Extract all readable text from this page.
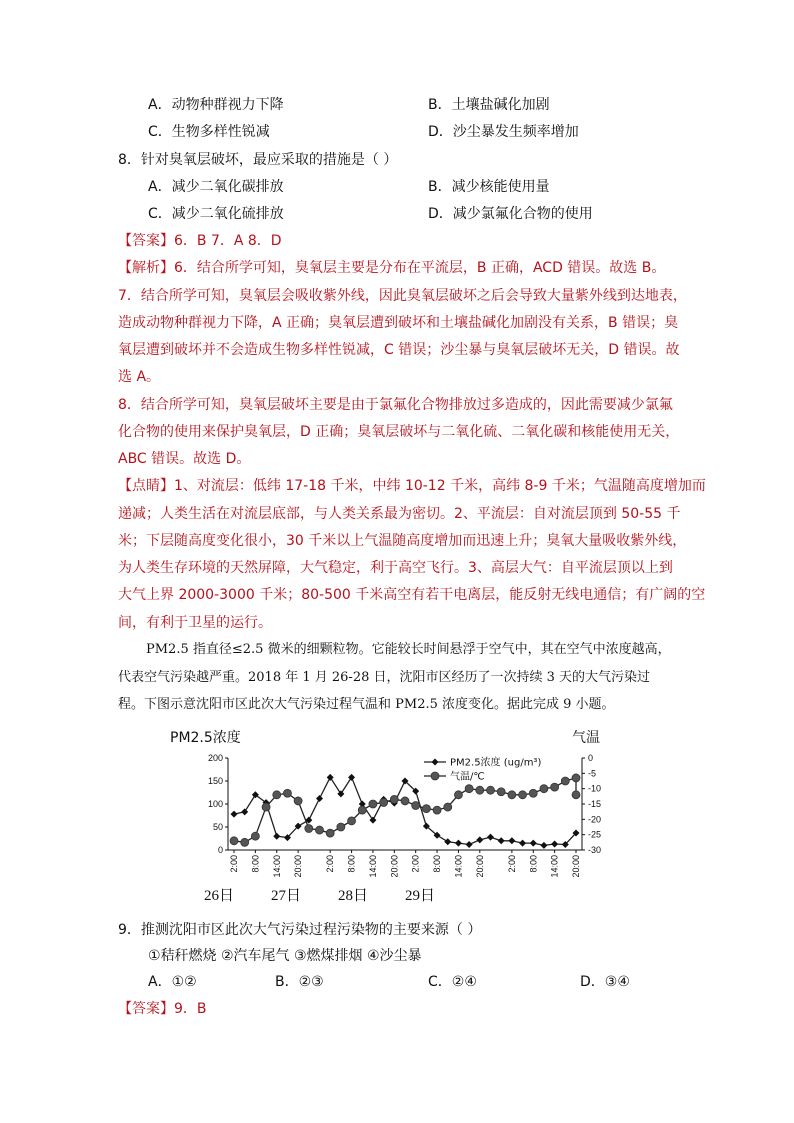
A．动物种群视力下降	B．土壤盐碱化加剧
C．生物多样性锐减	D．沙尘暴发生频率增加
8．针对臭氧层破坏，最应采取的措施是（ ）
A．减少二氧化碳排放	B．减少核能使用量
C．减少二氧化硫排放	D．减少氯氟化合物的使用
【答案】6．B 7．A 8．D
【解析】6．结合所学可知，臭氧层主要是分布在平流层，B 正确，ACD 错误。故选 B。
7．结合所学可知，臭氧层会吸收紫外线，因此臭氧层破坏之后会导致大量紫外线到达地表，
造成动物种群视力下降，A 正确；臭氧层遭到破坏和土壤盐碱化加剧没有关系，B 错误；臭
氧层遭到破坏并不会造成生物多样性锐减，C 错误；沙尘暴与臭氧层破坏无关，D 错误。故
选 A。
8．结合所学可知，臭氧层破坏主要是由于氯氟化合物排放过多造成的，因此需要减少氯氟
化合物的使用来保护臭氧层，D 正确；臭氧层破坏与二氧化硫、二氧化碳和核能使用无关，
ABC 错误。故选 D。
【点睛】1、对流层：低纬 17-18 千米，中纬 10-12 千米，高纬 8-9 千米；气温随高度增加而
递减；人类生活在对流层底部，与人类关系最为密切。2、平流层：自对流层顶到 50-55 千
米；下层随高度变化很小，30 千米以上气温随高度增加而迅速上升；臭氧大量吸收紫外线，
为人类生存环境的天然屏障，大气稳定，利于高空飞行。3、高层大气：自平流层顶以上到
大气上界 2000-3000 千米；80-500 千米高空有若干电离层，能反射无线电通信；有广阔的空
间，有利于卫星的运行。
PM2.5 指直径≤2.5 微米的细颗粒物。它能较长时间悬浮于空气中，其在空气中浓度越高，
代表空气污染越严重。2018 年 1 月 26-28 日，沈阳市区经历了一次持续 3 天的大气污染过
程。下图示意沈阳市区此次大气污染过程气温和 PM2.5 浓度变化。据此完成 9 小题。
PM2.5浓度	气温
0
50
100
150
200	0
-5
-10
-15
-20
-25
-30
2:00 8:00 14:00 20:00 2:00 8:00 14:00 20:00 2:00 8:00 14:00 20:00 2:00 8:00 14:00 20:00
26日 27日 28日 29日
PM2.5浓度 (ug/m³)
气温/℃
9．推测沈阳市区此次大气污染过程污染物的主要来源（ ）
①秸秆燃烧 ②汽车尾气 ③燃煤排烟 ④沙尘暴
A．①②	B．②③	C．②④	D．③④
【答案】9．B
